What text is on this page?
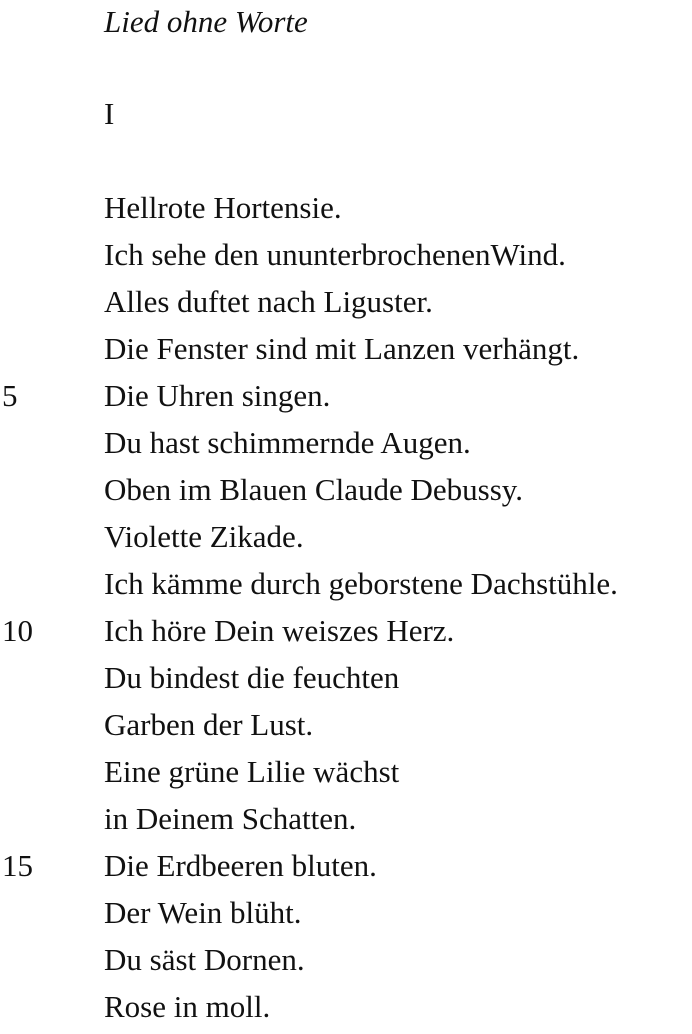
Lied ohne Worte
I
Hellrote Hortensie.
Ich sehe den ununterbrochenenWind.
Alles duftet nach Liguster.
Die Fenster sind mit Lanzen verhängt.
5	Die Uhren singen.
Du hast schimmernde Augen.
Oben im Blauen Claude Debussy.
Violette Zikade.
Ich kämme durch geborstene Dachstühle.
10 Ich höre Dein weiszes Herz.
Du bindest die feuchten
Garben der Lust.
Eine grüne Lilie wächst
in Deinem Schatten.
15 Die Erdbeeren bluten.
Der Wein blüht.
Du säst Dornen.
Rose in moll.
